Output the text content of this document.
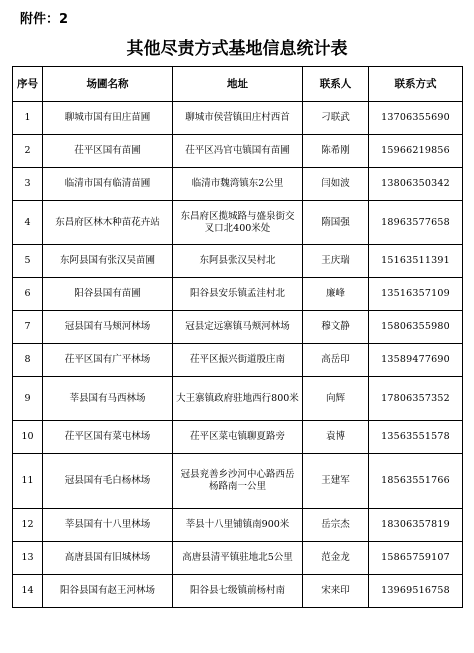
附件：2
其他尽责方式基地信息统计表
序号	场圃名称	地址	联系人	联系方式
1	聊城市国有田庄苗圃	聊城市侯营镇田庄村西首	刁联武	13706355690
2	茌平区国有苗圃	茌平区冯官屯镇国有苗圃	陈希刚	15966219856
3	临清市国有临清苗圃	临清市魏湾镇东2公里	闫如波	13806350342
4	东昌府区林木种苗花卉站	东昌府区揽城路与盛泉街交叉口北400米处	隋国强	18963577658
5	东阿县国有张汉吴苗圃	东阿县张汉吴村北	王庆瑞	15163511391
6	阳谷县国有苗圃	阳谷县安乐镇孟洼村北	廉峰	13516357109
7	冠县国有马颊河林场	冠县定远寨镇马颊河林场	穆文静	15806355980
8	茌平区国有广平林场	茌平区振兴街道殷庄南	高岳印	13589477690
9	莘县国有马西林场	大王寨镇政府驻地西行800米	向辉	17806357352
10	茌平区国有菜屯林场	茌平区菜屯镇聊夏路旁	袁博	13563551578
11	冠县国有毛白杨林场	冠县兖善乡沙河中心路西岳杨路南一公里	王建军	18563551766
12	莘县国有十八里林场	莘县十八里铺镇南900米	岳宗杰	18306357819
13	高唐县国有旧城林场	高唐县清平镇驻地北5公里	范金龙	15865759107
14	阳谷县国有赵王河林场	阳谷县七级镇前杨村南	宋来印	13969516758
